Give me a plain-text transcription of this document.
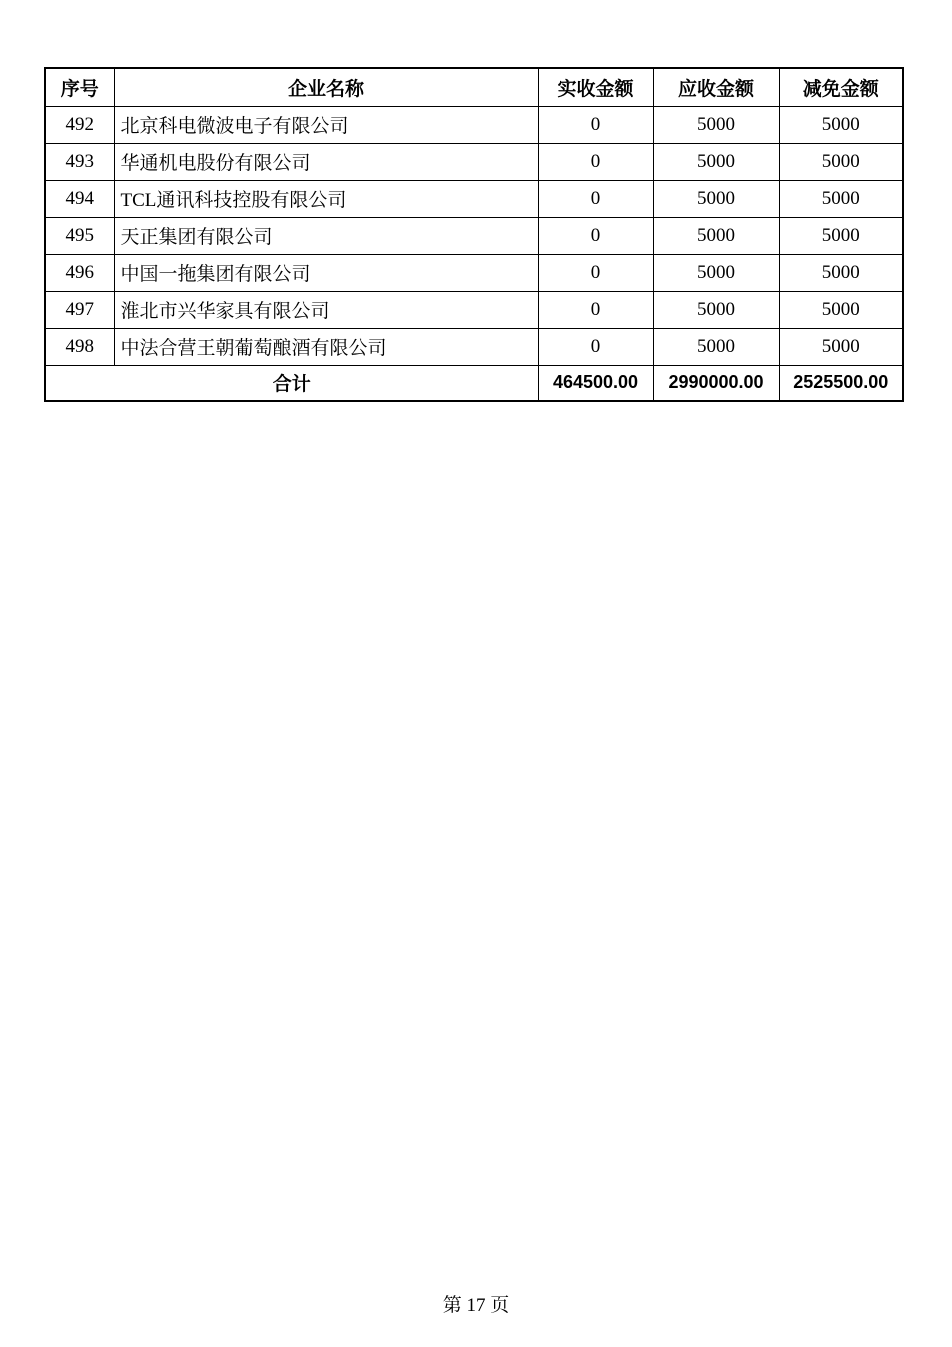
序号	企业名称	实收金额	应收金额	减免金额
492	北京科电微波电子有限公司	0	5000	5000
493	华通机电股份有限公司	0	5000	5000
494	TCL通讯科技控股有限公司	0	5000	5000
495	天正集团有限公司	0	5000	5000
496	中国一拖集团有限公司	0	5000	5000
497	淮北市兴华家具有限公司	0	5000	5000
498	中法合营王朝葡萄酿酒有限公司	0	5000	5000
合计		464500.00	2990000.00	2525500.00
第 17 页
